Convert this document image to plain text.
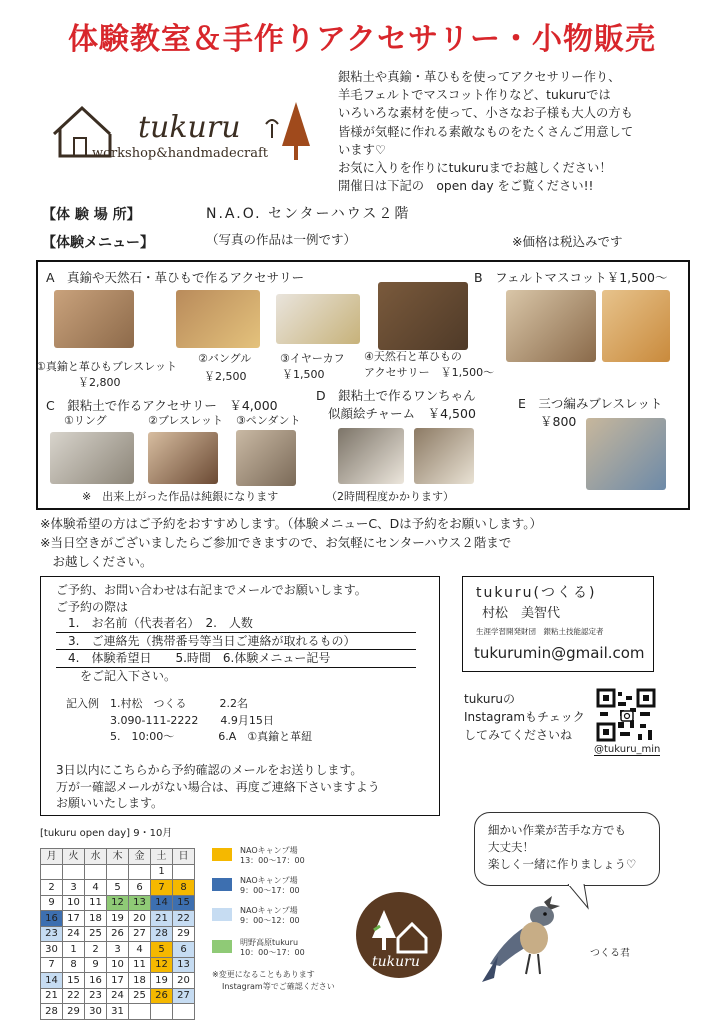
体験教室＆手作りアクセサリー・小物販売
tukuru
workshop&handmadecraft

銀粘土や真鍮・革ひもを使ってアクセサリー作り、

羊毛フェルトでマスコット作りなど、tukuruでは

いろいろな素材を使って、小さなお子様も大人の方も

皆様が気軽に作れる素敵なものをたくさんご用意して

います♡

お気に入りを作りにtukuruまでお越しください！

開催日は下記の　open day をご覧ください!!

【体 験 場 所】	N.A.O. センターハウス２階
【体験メニュー】	（写真の作品は一例です）	※価格は税込みです
A　真鍮や天然石・革ひもで作るアクセサリー	B　フェルトマスコット￥1,500～
①真鍮と革ひもブレスレット
￥2,800
②バングル
￥2,500
③イヤーカフ
￥1,500
④天然石と革ひもの
アクセサリー　￥1,500～
C　銀粘土で作るアクセサリー　￥4,000
①リング	②ブレスレット ③ペンダント
※　出来上がった作品は純銀になります
D　銀粘土で作るワンちゃん
似顔絵チャーム　￥4,500
（2時間程度かかります）
E　三つ編みブレスレット
￥800

※体験希望の方はご予約をおすすめします。（体験メニューC、Dは予約をお願いします。）

※当日空きがございましたらご参加できますので、お気軽にセンターハウス２階まで

　お越しください。

ご予約、お問い合わせは右記までメールでお願いします。
ご予約の際は
　1.　お名前（代表者名）　2.　人数
　3.　ご連絡先（携帯番号等当日ご連絡が取れるもの）
　4.　体験希望日　　5.時間　6.体験メニュー記号
　　をご記入下さい。
記入例　1.村松　つくる　　　2.2名
　　　　3.090-111-2222　　4.9月15日
　　　　5.　10:00～　　　　6.A　①真鍮と革紐
3日以内にこちらから予約確認のメールをお送りします。
万が一確認メールがない場合は、再度ご連絡下さいますよう
お願いいたします。
tukuru(つくる)
村松　美智代
生涯学習開発財団　銀粘土技能認定者
tukurumin@gmail.com
tukuruの
Instagramもチェック
してみてくださいね
@tukuru_min
[tukuru open day] 9・10月
月	火	水	木	金	土	日
					1	
2	3	4	5	6	7	8
9	10	11	12	13	14	15
16	17	18	19	20	21	22
23	24	25	26	27	28	29
30	1	2	3	4	5	6
7	8	9	10	11	12	13
14	15	16	17	18	19	20
21	22	23	24	25	26	27
28	29	30	31			
NAOキャンプ場
13：00～17：00
NAOキャンプ場
9：00～17：00
NAOキャンプ場
9：00～12：00
明野高原tukuru
10：00～17：00
※変更になることもあります
Instagram等でご確認ください
tukuru
細かい作業が苦手な方でも
大丈夫！
楽しく一緒に作りましょう♡
つくる君
